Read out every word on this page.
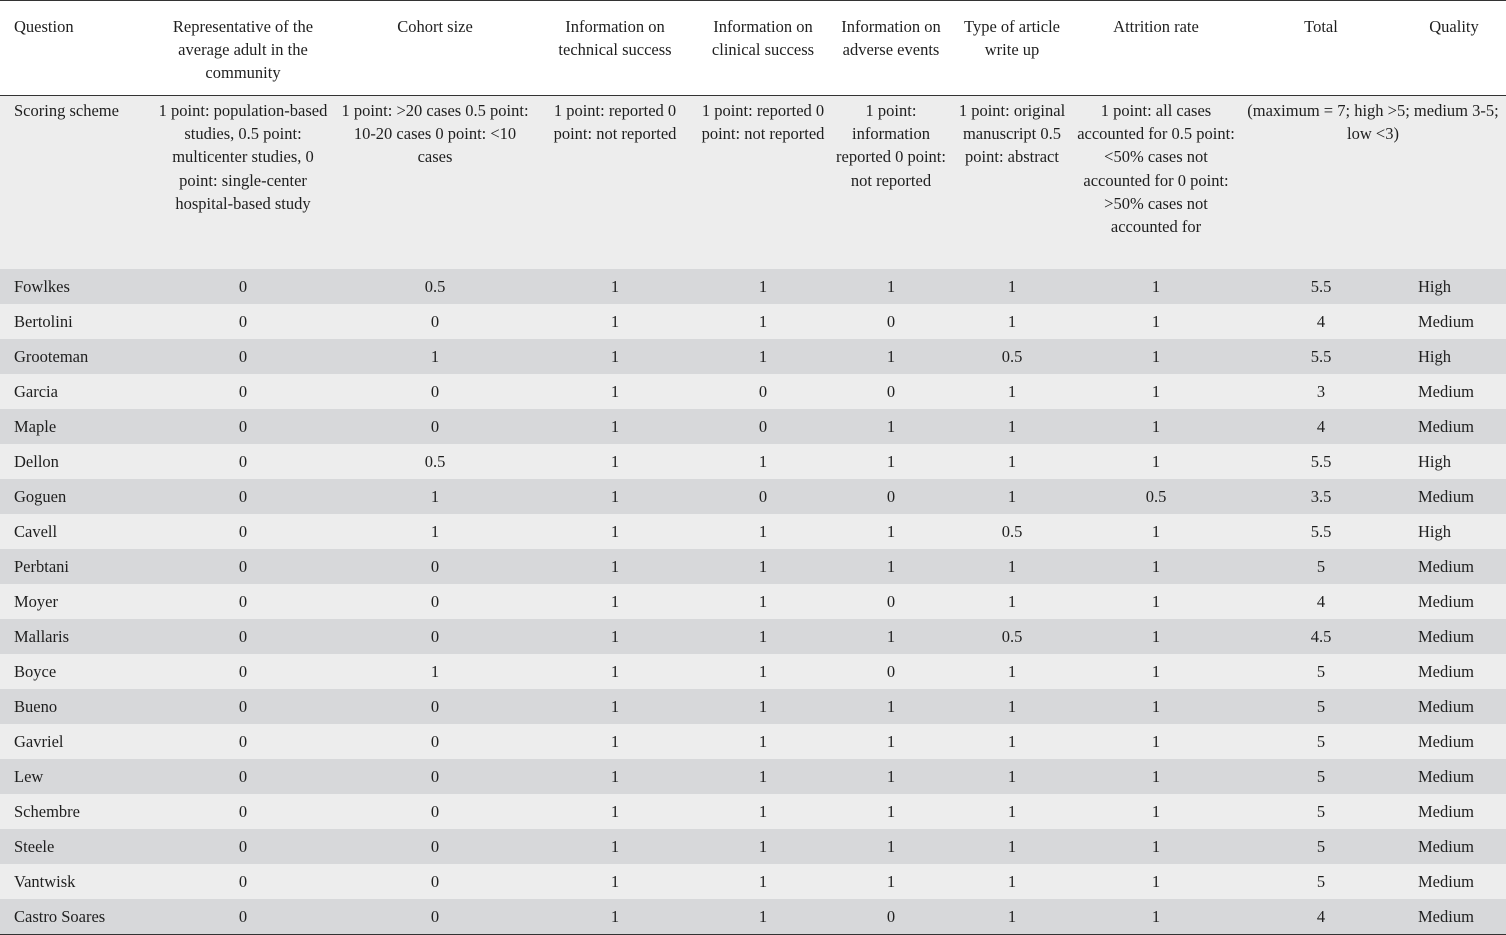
Question	Representative of the average adult in the community	Cohort size	Information on technical success	Information on clinical success	Information on adverse events	Type of article write up	Attrition rate	Total	Quality
Scoring scheme	1 point: population-based studies, 0.5 point: multicenter studies, 0 point: single-center hospital-based study	1 point: >20 cases 0.5 point: 10-20 cases 0 point: <10 cases	1 point: reported 0 point: not reported	1 point: reported 0 point: not reported	1 point: information reported 0 point: not reported	1 point: original manuscript 0.5 point: abstract	1 point: all cases accounted for 0.5 point: <50% cases not accounted for 0 point: >50% cases not accounted for	(maximum = 7; high >5; medium 3-5; low <3)	
Fowlkes	0	0.5	1	1	1	1	1	5.5	High
Bertolini	0	0	1	1	0	1	1	4	Medium
Grooteman	0	1	1	1	1	0.5	1	5.5	High
Garcia	0	0	1	0	0	1	1	3	Medium
Maple	0	0	1	0	1	1	1	4	Medium
Dellon	0	0.5	1	1	1	1	1	5.5	High
Goguen	0	1	1	0	0	1	0.5	3.5	Medium
Cavell	0	1	1	1	1	0.5	1	5.5	High
Perbtani	0	0	1	1	1	1	1	5	Medium
Moyer	0	0	1	1	0	1	1	4	Medium
Mallaris	0	0	1	1	1	0.5	1	4.5	Medium
Boyce	0	1	1	1	0	1	1	5	Medium
Bueno	0	0	1	1	1	1	1	5	Medium
Gavriel	0	0	1	1	1	1	1	5	Medium
Lew	0	0	1	1	1	1	1	5	Medium
Schembre	0	0	1	1	1	1	1	5	Medium
Steele	0	0	1	1	1	1	1	5	Medium
Vantwisk	0	0	1	1	1	1	1	5	Medium
Castro Soares	0	0	1	1	0	1	1	4	Medium
